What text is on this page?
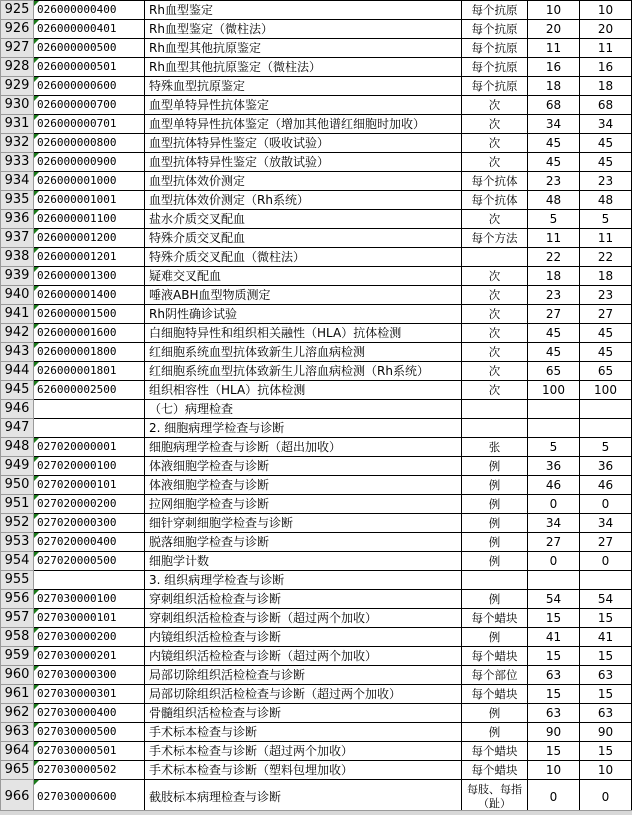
925	026000000400	Rh血型鉴定	每个抗原	10	10
926	026000000401	Rh血型鉴定（微柱法）	每个抗原	20	20
927	026000000500	Rh血型其他抗原鉴定	每个抗原	11	11
928	026000000501	Rh血型其他抗原鉴定（微柱法）	每个抗原	16	16
929	026000000600	特殊血型抗原鉴定	每个抗原	18	18
930	026000000700	血型单特异性抗体鉴定	次	68	68
931	026000000701	血型单特异性抗体鉴定（增加其他谱红细胞时加收）	次	34	34
932	026000000800	血型抗体特异性鉴定（吸收试验）	次	45	45
933	026000000900	血型抗体特异性鉴定（放散试验）	次	45	45
934	026000001000	血型抗体效价测定	每个抗体	23	23
935	026000001001	血型抗体效价测定（Rh系统）	每个抗体	48	48
936	026000001100	盐水介质交叉配血	次	5	5
937	026000001200	特殊介质交叉配血	每个方法	11	11
938	026000001201	特殊介质交叉配血（微柱法）		22	22
939	026000001300	疑难交叉配血	次	18	18
940	026000001400	唾液ABH血型物质测定	次	23	23
941	026000001500	Rh阴性确诊试验	次	27	27
942	026000001600	白细胞特异性和组织相关融性（HLA）抗体检测	次	45	45
943	026000001800	红细胞系统血型抗体致新生儿溶血病检测	次	45	45
944	026000001801	红细胞系统血型抗体致新生儿溶血病检测（Rh系统）	次	65	65
945	626000002500	组织相容性（HLA）抗体检测	次	100	100
946		（七）病理检查			
947		2. 细胞病理学检查与诊断			
948	027020000001	细胞病理学检查与诊断（超出加收）	张	5	5
949	027020000100	体液细胞学检查与诊断	例	36	36
950	027020000101	体液细胞学检查与诊断	例	46	46
951	027020000200	拉网细胞学检查与诊断	例	0	0
952	027020000300	细针穿刺细胞学检查与诊断	例	34	34
953	027020000400	脱落细胞学检查与诊断	例	27	27
954	027020000500	细胞学计数	例	0	0
955		3. 组织病理学检查与诊断			
956	027030000100	穿刺组织活检检查与诊断	例	54	54
957	027030000101	穿刺组织活检检查与诊断（超过两个加收）	每个蜡块	15	15
958	027030000200	内镜组织活检检查与诊断	例	41	41
959	027030000201	内镜组织活检检查与诊断（超过两个加收）	每个蜡块	15	15
960	027030000300	局部切除组织活检检查与诊断	每个部位	63	63
961	027030000301	局部切除组织活检检查与诊断（超过两个加收）	每个蜡块	15	15
962	027030000400	骨髓组织活检检查与诊断	例	63	63
963	027030000500	手术标本检查与诊断	例	90	90
964	027030000501	手术标本检查与诊断（超过两个加收）	每个蜡块	15	15
965	027030000502	手术标本检查与诊断（塑料包埋加收）	每个蜡块	10	10
966	027030000600	截肢标本病理检查与诊断	每肢、每指（趾）	0	0
